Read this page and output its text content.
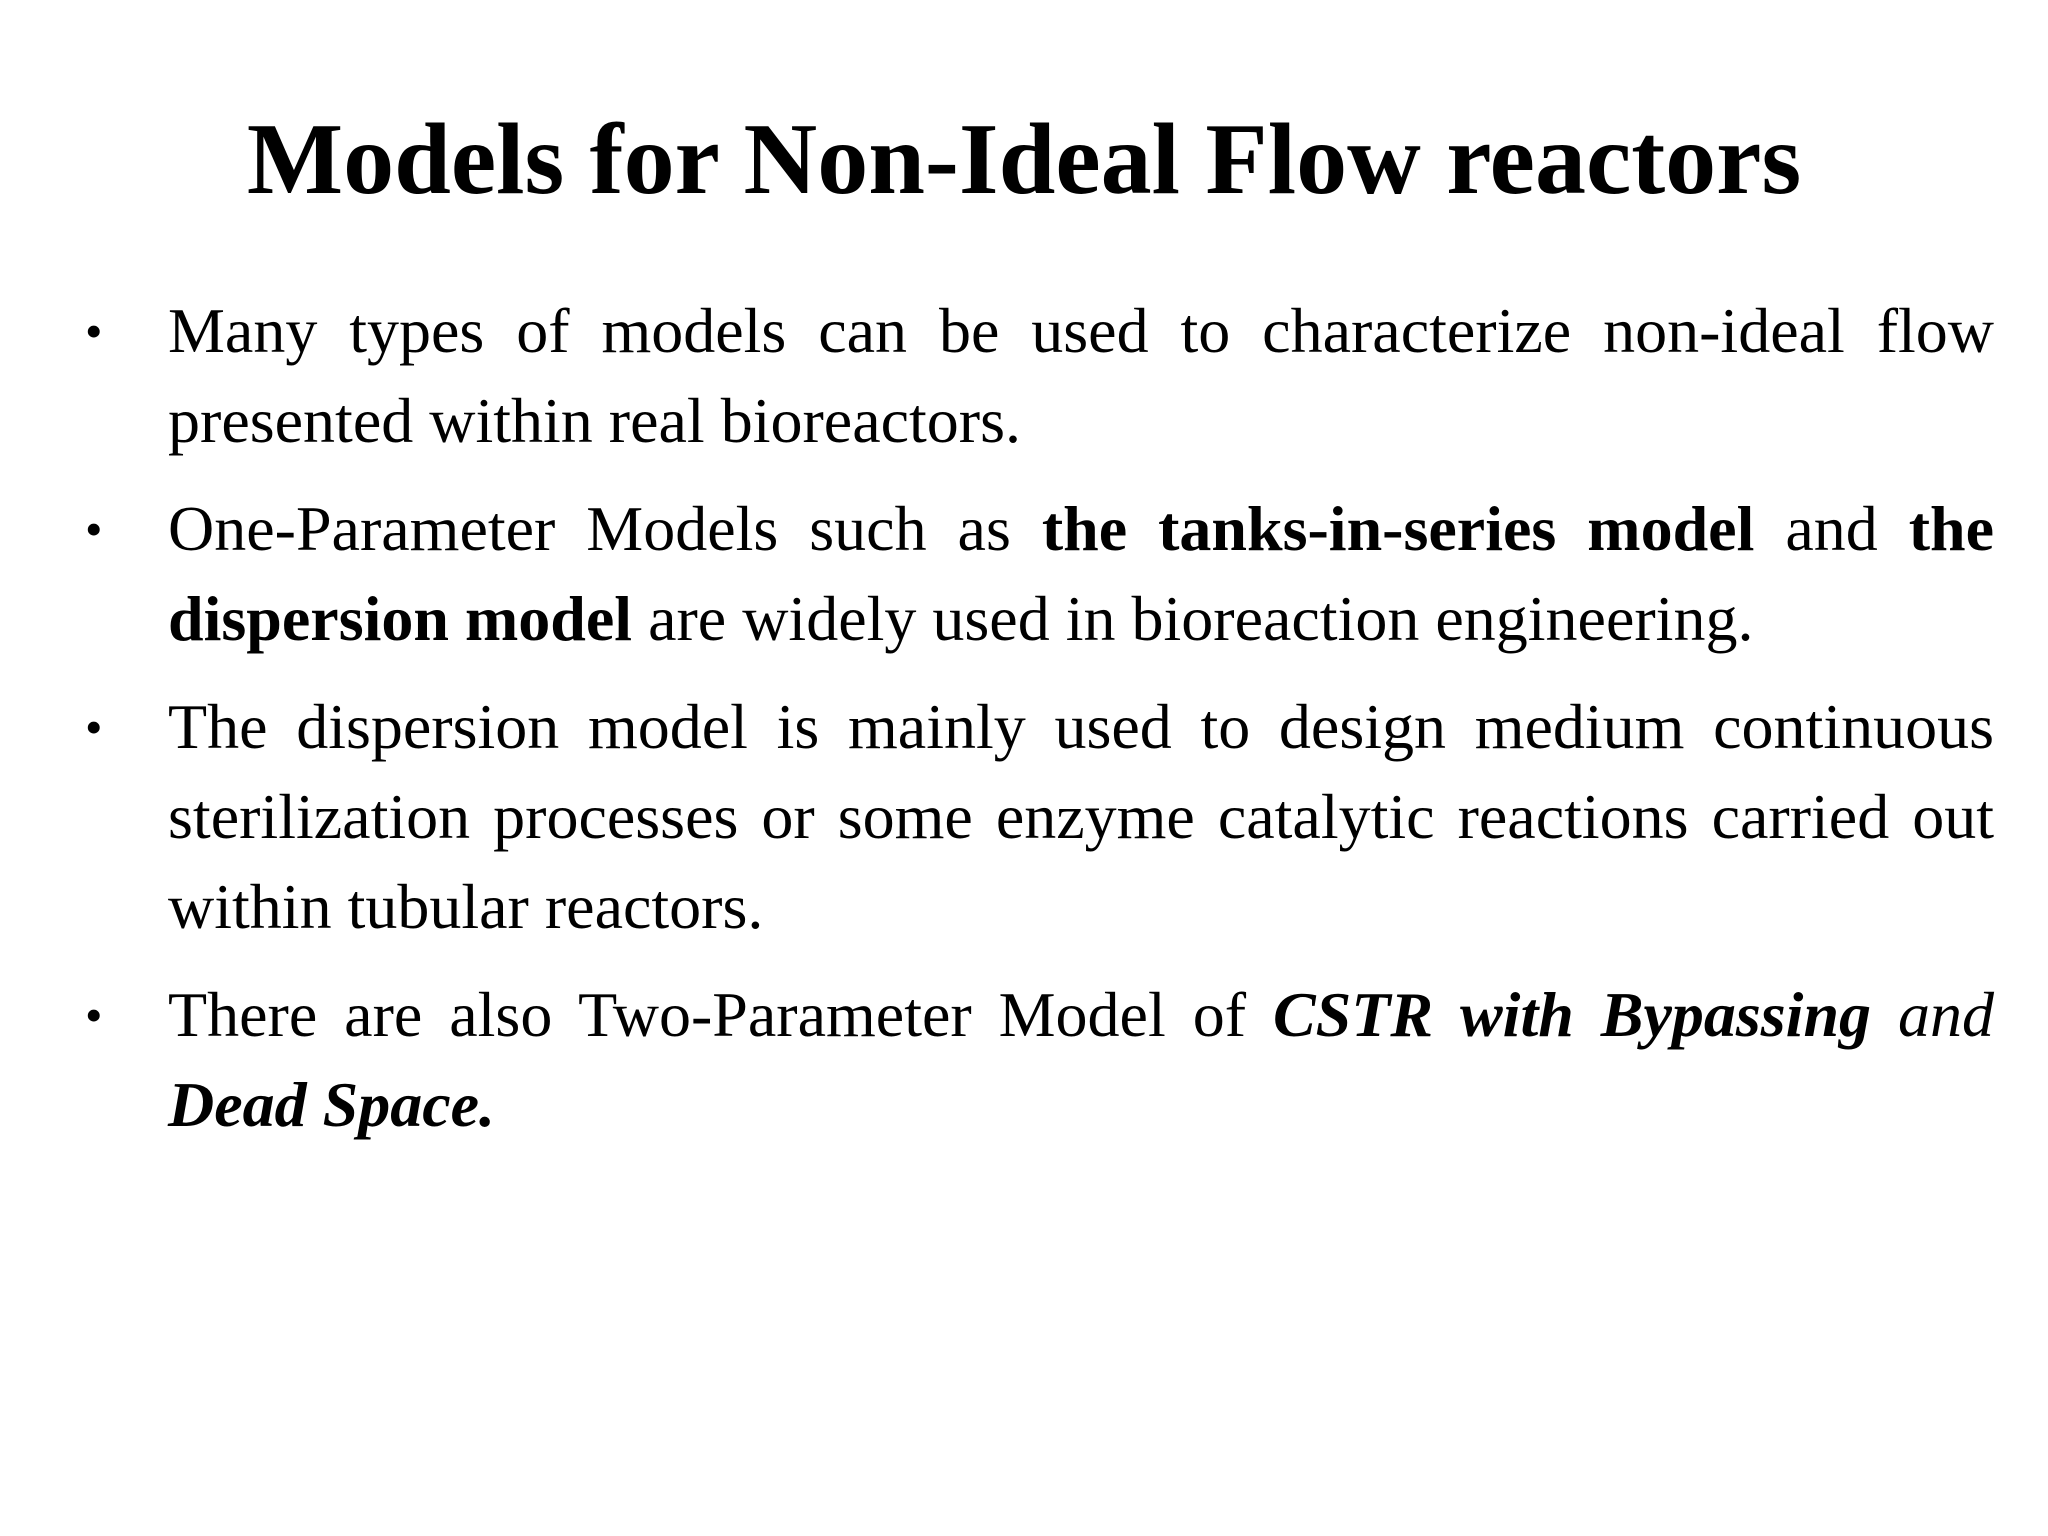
Models for Non-Ideal Flow reactors
•	Many types of models can be used to characterize non-ideal flow presented within real bioreactors.
•	One-Parameter Models such as the tanks-in-series model and the dispersion model are widely used in bioreaction engineering.
•	The dispersion model is mainly used to design medium continuous sterilization processes or some enzyme catalytic reactions carried out within tubular reactors.
•	There are also Two-Parameter Model of CSTR with Bypassing and Dead Space.
